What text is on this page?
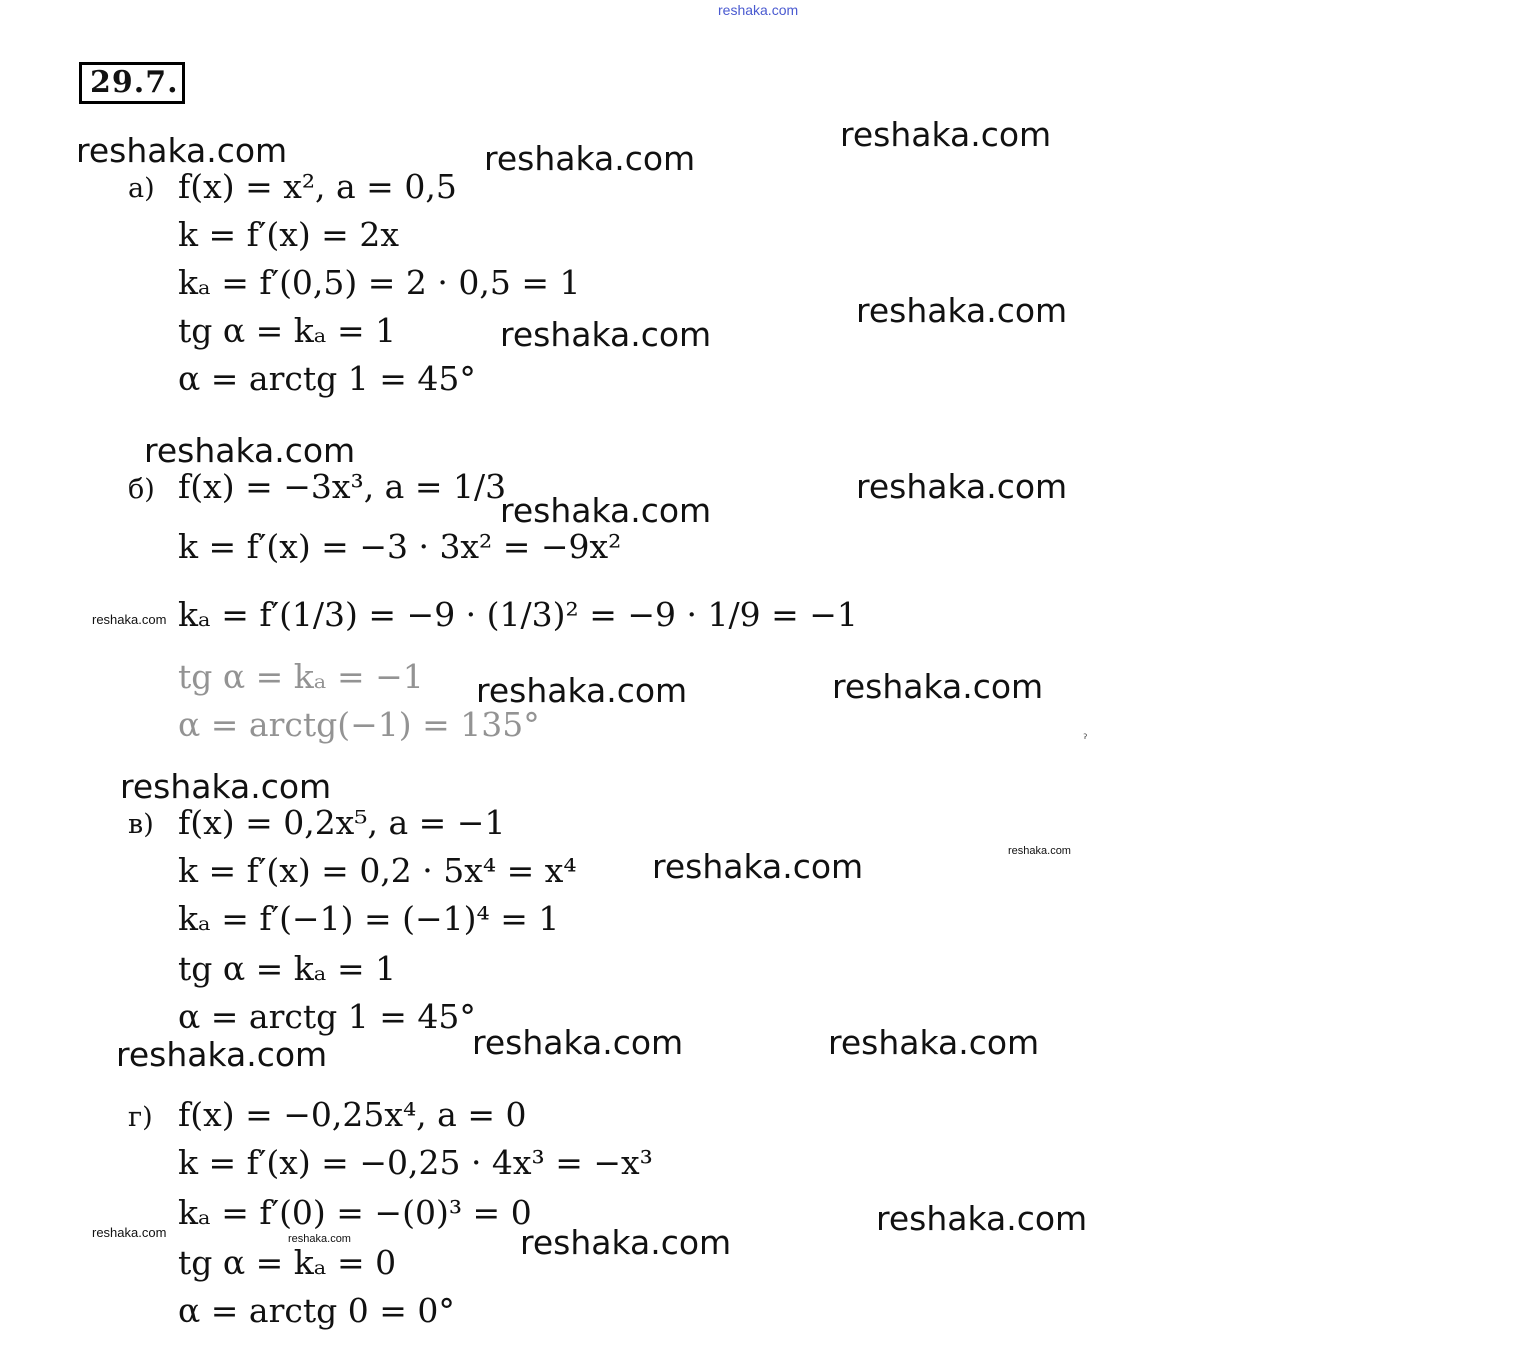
reshaka.com
29.7.
reshaka.com	reshaka.com
reshaka.com
reshaka.com
reshaka.com
reshaka.com
reshaka.com
reshaka.com
reshaka.com
reshaka.com	reshaka.com
reshaka.com
reshaka.com	reshaka.com
reshaka.com	reshaka.com	reshaka.com
reshaka.com
reshaka.com
reshaka.com	reshaka.com
ˀ
а) f(x) = x², a = 0,5
k = f′(x) = 2x
kₐ = f′(0,5) = 2 · 0,5 = 1
tg α = kₐ = 1
α = arctg 1 = 45°
б) f(x) = −3x³, a = 1/3
k = f′(x) = −3 · 3x² = −9x²
kₐ = f′(1/3) = −9 · (1/3)² = −9 · 1/9 = −1
tg α = kₐ = −1
α = arctg(−1) = 135°
в) f(x) = 0,2x⁵, a = −1
k = f′(x) = 0,2 · 5x⁴ = x⁴
kₐ = f′(−1) = (−1)⁴ = 1
tg α = kₐ = 1
α = arctg 1 = 45°
г) f(x) = −0,25x⁴, a = 0
k = f′(x) = −0,25 · 4x³ = −x³
kₐ = f′(0) = −(0)³ = 0
tg α = kₐ = 0
α = arctg 0 = 0°
